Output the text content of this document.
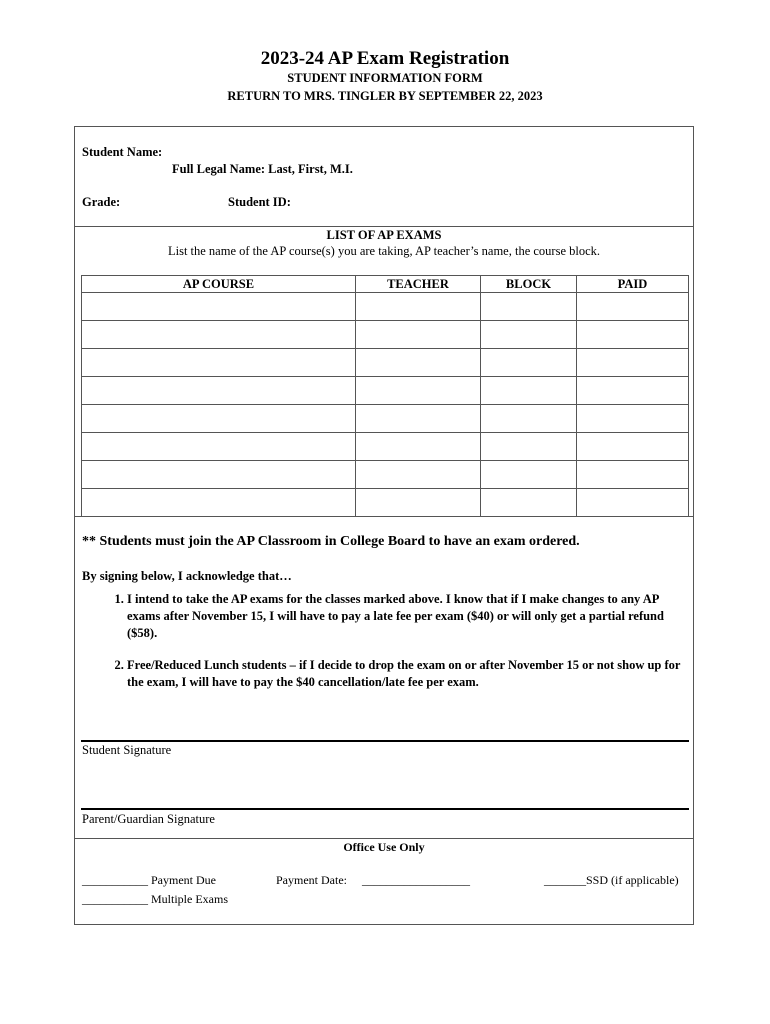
2023-24 AP Exam Registration
STUDENT INFORMATION FORM
RETURN TO MRS. TINGLER BY SEPTEMBER 22, 2023
Student Name:
Full Legal Name: Last, First, M.I.
Grade:	Student ID:
LIST OF AP EXAMS
List the name of the AP course(s) you are taking, AP teacher’s name, the course block.
AP COURSE	TEACHER	BLOCK	PAID

** Students must join the AP Classroom in College Board to have an exam ordered.
By signing below, I acknowledge that…
1. I intend to take the AP exams for the classes marked above. I know that if I make changes to any AP exams after November 15, I will have to pay a late fee per exam ($40) or will only get a partial refund ($58).
2. Free/Reduced Lunch students – if I decide to drop the exam on or after November 15 or not show up for the exam, I will have to pay the $40 cancellation/late fee per exam.
Student Signature
Parent/Guardian Signature
Office Use Only
___________ Payment Due	Payment Date: __________________	_______SSD (if applicable)
___________ Multiple Exams
